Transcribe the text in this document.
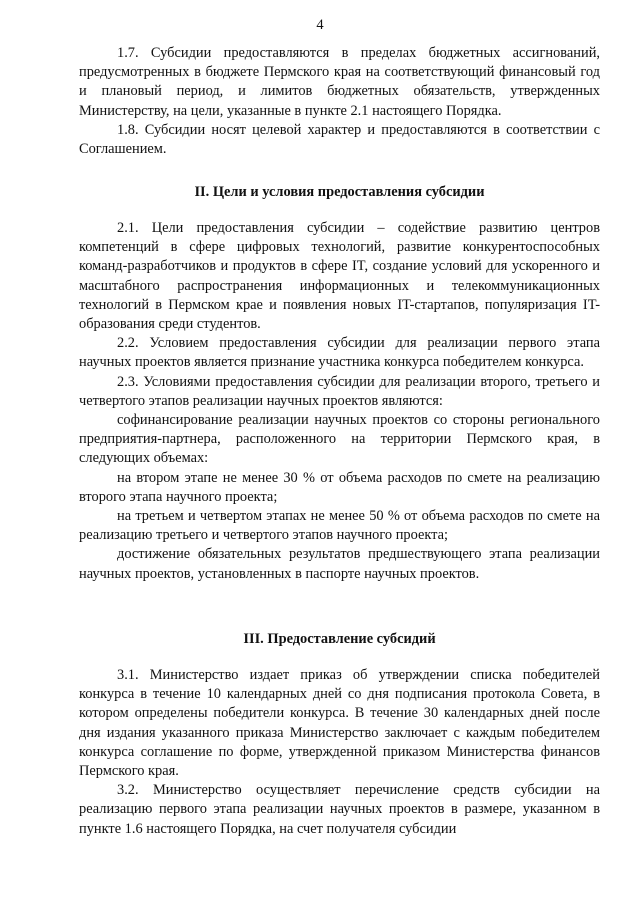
4

1.7. Субсидии предоставляются в пределах бюджетных ассигнований, предусмотренных в бюджете Пермского края на соответствующий финансовый год и плановый период, и лимитов бюджетных обязательств, утвержденных Министерству, на цели, указанные в пункте 2.1 настоящего Порядка.

1.8. Субсидии носят целевой характер и предоставляются в соответствии с Соглашением.

II. Цели и условия предоставления субсидии

2.1. Цели предоставления субсидии – содействие развитию центров компетенций в сфере цифровых технологий, развитие конкурентоспособных команд-разработчиков и продуктов в сфере IT, создание условий для ускоренного и масштабного распространения информационных и телекоммуникационных технологий в Пермском крае и появления новых IT-стартапов, популяризация IT-образования среди студентов.

2.2. Условием предоставления субсидии для реализации первого этапа научных проектов является признание участника конкурса победителем конкурса.

2.3. Условиями предоставления субсидии для реализации второго, третьего и четвертого этапов реализации научных проектов являются:

софинансирование реализации научных проектов со стороны регионального предприятия-партнера, расположенного на территории Пермского края, в следующих объемах:

на втором этапе не менее 30 % от объема расходов по смете на реализацию второго этапа научного проекта;

на третьем и четвертом этапах не менее 50 % от объема расходов по смете на реализацию третьего и четвертого этапов научного проекта;

достижение обязательных результатов предшествующего этапа реализации научных проектов, установленных в паспорте научных проектов.

III. Предоставление субсидий

3.1. Министерство издает приказ об утверждении списка победителей конкурса в течение 10 календарных дней со дня подписания протокола Совета, в котором определены победители конкурса. В течение 30 календарных дней после дня издания указанного приказа Министерство заключает с каждым победителем конкурса соглашение по форме, утвержденной приказом Министерства финансов Пермского края.

3.2. Министерство осуществляет перечисление средств субсидии на реализацию первого этапа реализации научных проектов в размере, указанном в пункте 1.6 настоящего Порядка, на счет получателя субсидии
